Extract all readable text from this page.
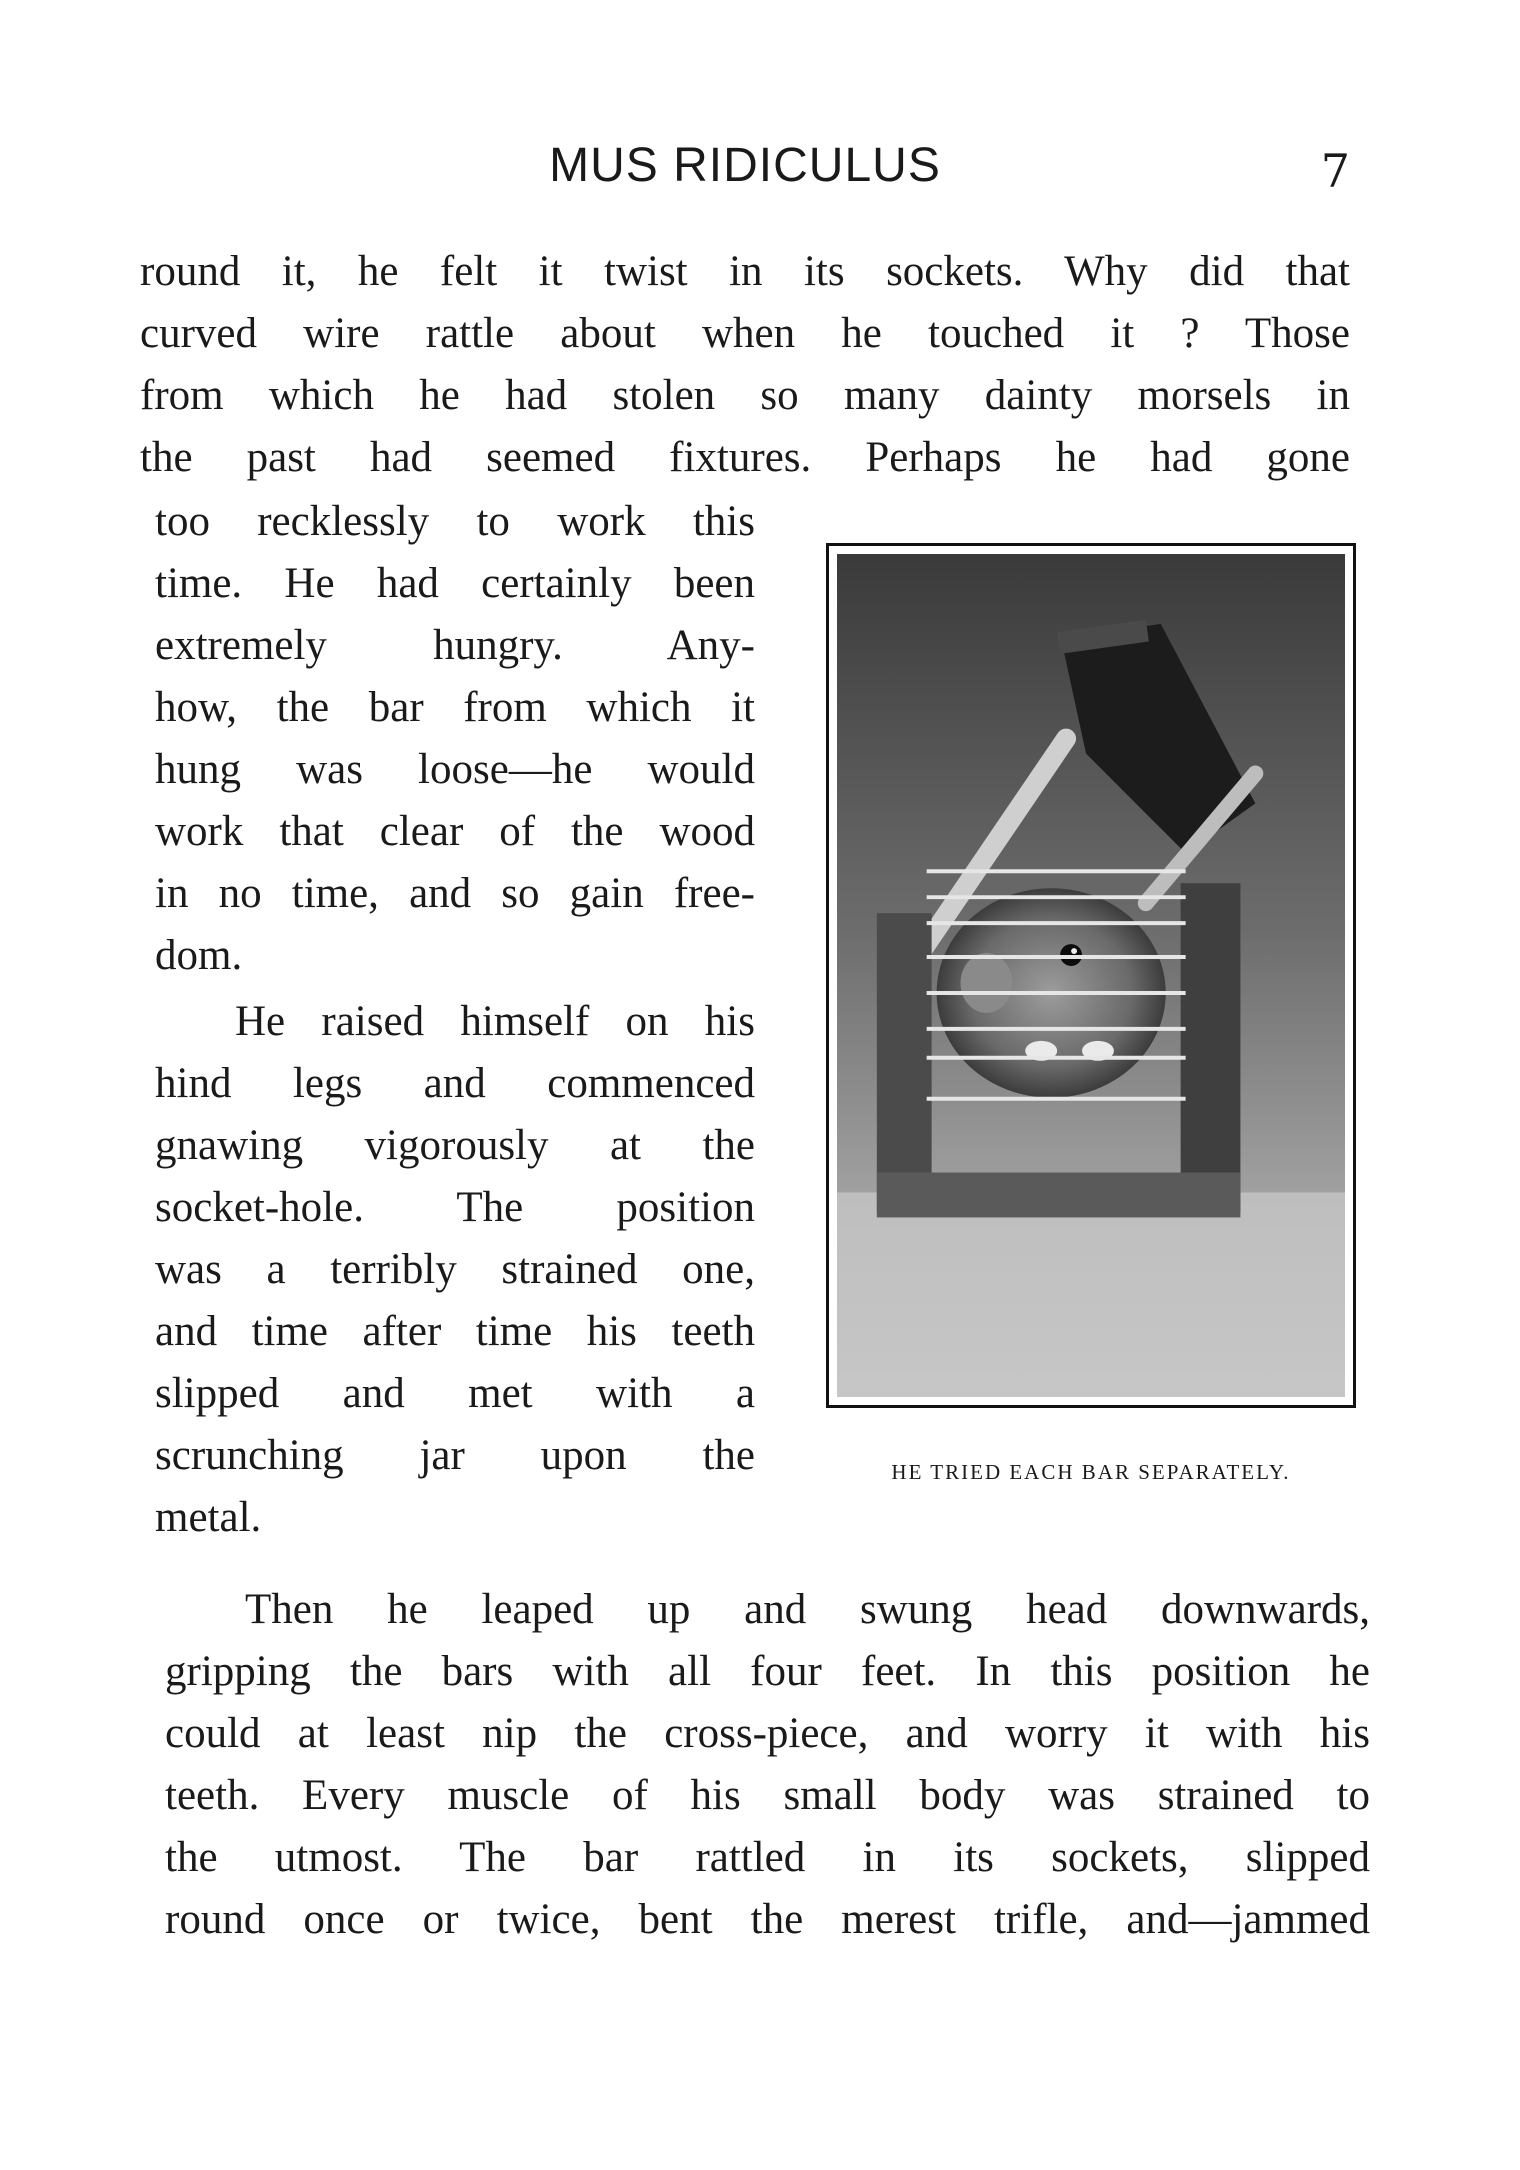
MUS RIDICULUS	7
round it, he felt it twist in its sockets. Why did that
curved wire rattle about when he touched it ? Those
from which he had stolen so many dainty morsels in
the past had seemed fixtures. Perhaps he had gone
too recklessly to work this
time. He had certainly been
extremely hungry. Any-
how, the bar from which it
hung was loose—he would
work that clear of the wood
in no time, and so gain free-
dom.
He raised himself on his
hind legs and commenced
gnawing vigorously at the
socket-hole. The position
was a terribly strained one,
and time after time his teeth
slipped and met with a
scrunching jar upon the
metal.
HE TRIED EACH BAR SEPARATELY.
Then he leaped up and swung head downwards,
gripping the bars with all four feet. In this position he
could at least nip the cross-piece, and worry it with his
teeth. Every muscle of his small body was strained to
the utmost. The bar rattled in its sockets, slipped
round once or twice, bent the merest trifle, and—jammed
